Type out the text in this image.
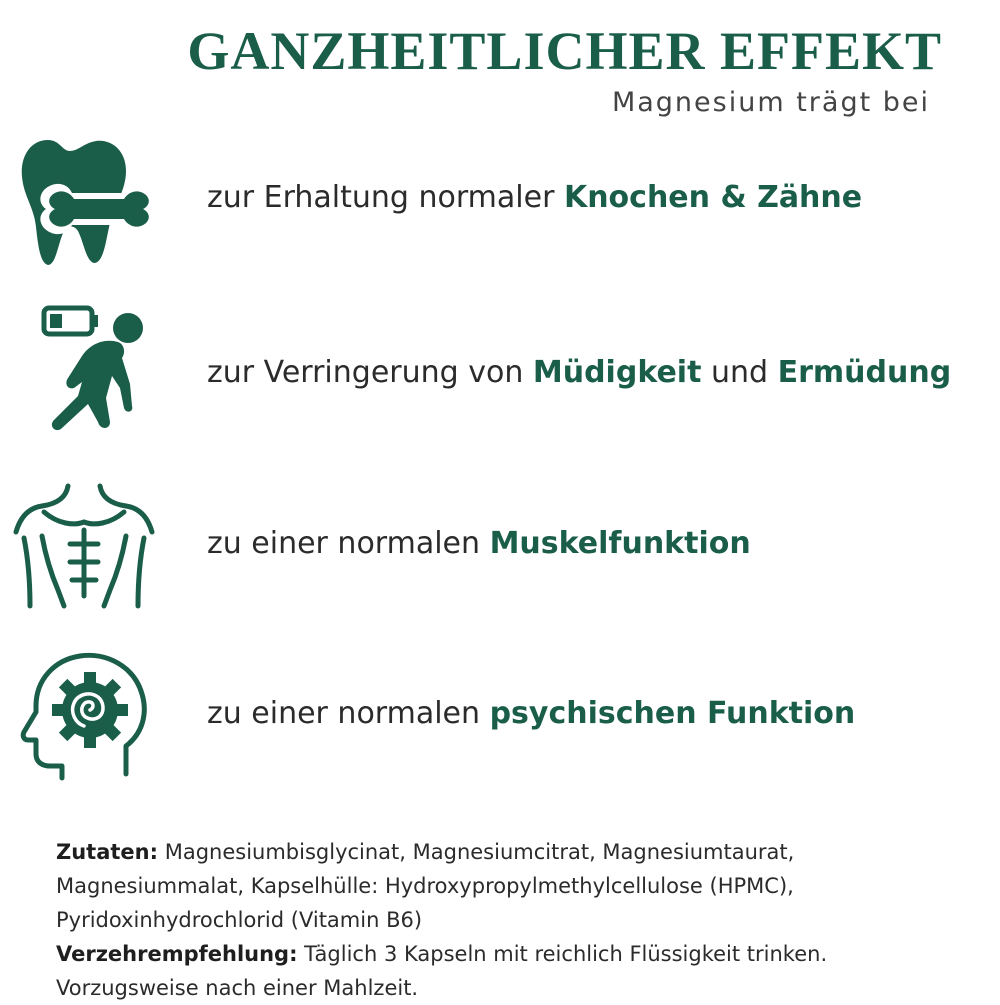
GANZHEITLICHER EFFEKT
Magnesium trägt bei
zur Erhaltung normaler Knochen & Zähne
zur Verringerung von Müdigkeit und Ermüdung
zu einer normalen Muskelfunktion
zu einer normalen psychischen Funktion
Zutaten: Magnesiumbisglycinat, Magnesiumcitrat, Magnesiumtaurat, Magnesiummalat, Kapselhülle: Hydroxypropylmethylcellulose (HPMC), Pyridoxinhydrochlorid (Vitamin B6)
Verzehrempfehlung: Täglich 3 Kapseln mit reichlich Flüssigkeit trinken. Vorzugsweise nach einer Mahlzeit.
